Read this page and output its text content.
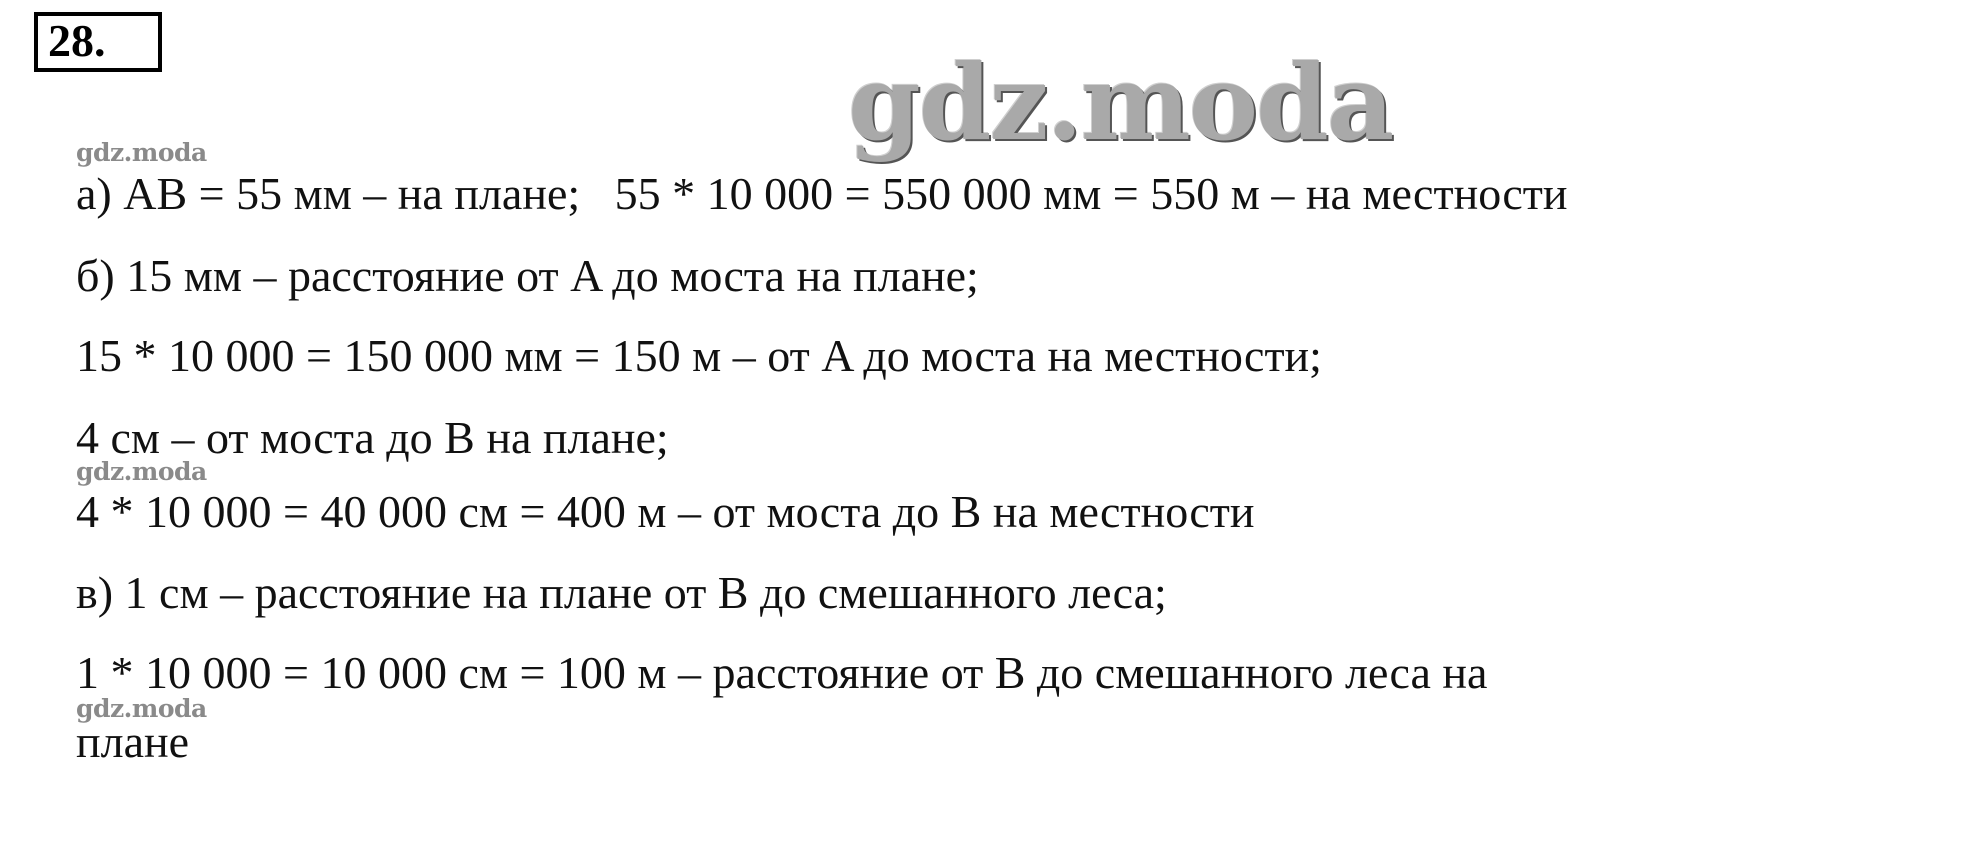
28.
gdz.moda
gdz.moda
gdz.moda
gdz.moda
а) AB = 55 мм – на плане;   55 * 10 000 = 550 000 мм = 550 м – на местности
б) 15 мм – расстояние от A до моста на плане;
15 * 10 000 = 150 000 мм = 150 м – от A до моста на местности;
4 см – от моста до B на плане;
4 * 10 000 = 40 000 см = 400 м – от моста до B на местности
в) 1 см – расстояние на плане от B до смешанного леса;
1 * 10 000 = 10 000 см = 100 м – расстояние от B до смешанного леса на
плане
